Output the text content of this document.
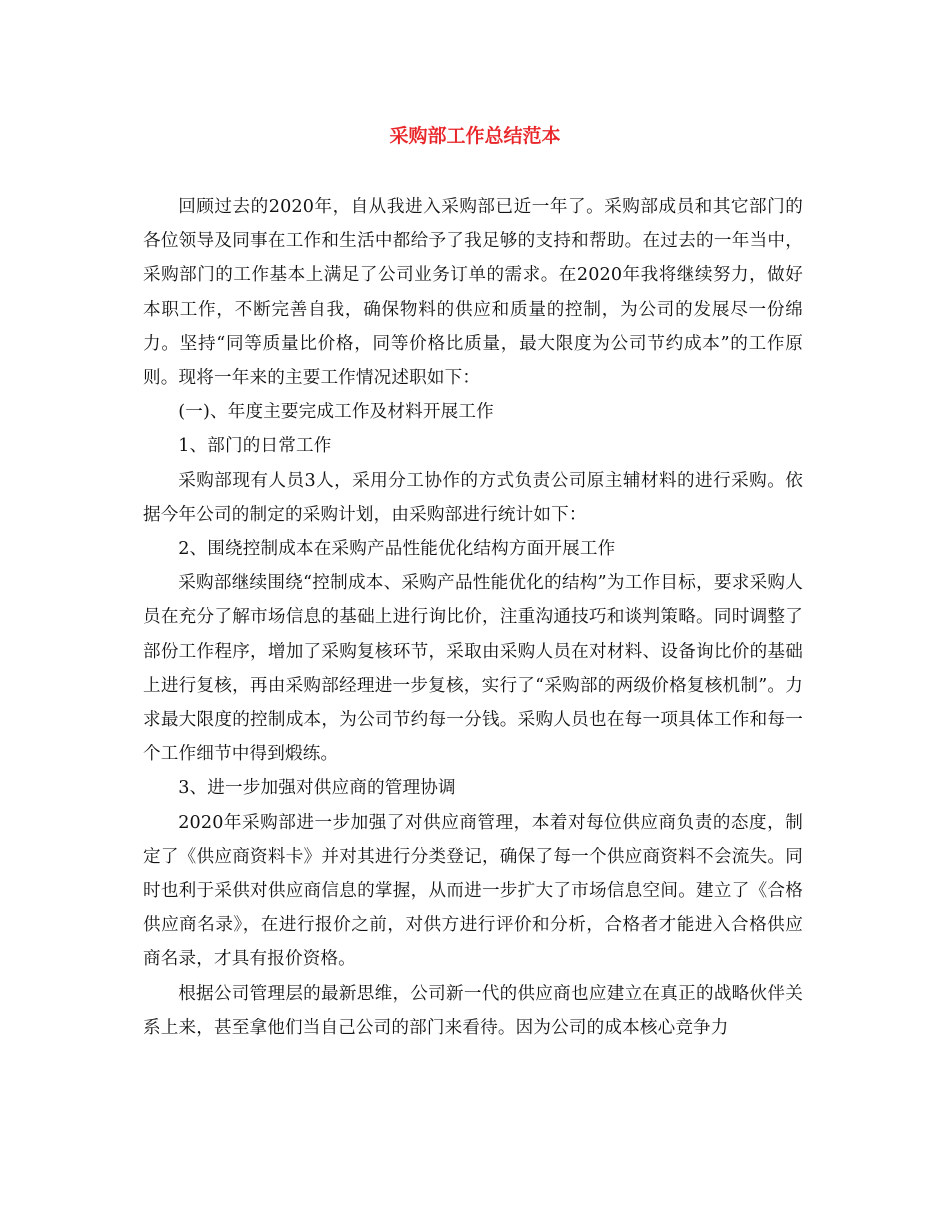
采购部工作总结范本

回顾过去的2020年，自从我进入采购部已近一年了。采购部成员和其它部门的各位领导及同事在工作和生活中都给予了我足够的支持和帮助。在过去的一年当中，采购部门的工作基本上满足了公司业务订单的需求。在2020年我将继续努力，做好本职工作，不断完善自我，确保物料的供应和质量的控制，为公司的发展尽一份绵力。坚持“同等质量比价格，同等价格比质量，最大限度为公司节约成本”的工作原则。现将一年来的主要工作情况述职如下：

(一)、年度主要完成工作及材料开展工作

1、部门的日常工作

采购部现有人员3人，采用分工协作的方式负责公司原主辅材料的进行采购。依据今年公司的制定的采购计划，由采购部进行统计如下：

2、围绕控制成本在采购产品性能优化结构方面开展工作

采购部继续围绕“控制成本、采购产品性能优化的结构”为工作目标，要求采购人员在充分了解市场信息的基础上进行询比价，注重沟通技巧和谈判策略。同时调整了部份工作程序，增加了采购复核环节，采取由采购人员在对材料、设备询比价的基础上进行复核，再由采购部经理进一步复核，实行了“采购部的两级价格复核机制”。力求最大限度的控制成本，为公司节约每一分钱。采购人员也在每一项具体工作和每一个工作细节中得到煅练。

3、进一步加强对供应商的管理协调

2020年采购部进一步加强了对供应商管理，本着对每位供应商负责的态度，制定了《供应商资料卡》并对其进行分类登记，确保了每一个供应商资料不会流失。同时也利于采供对供应商信息的掌握，从而进一步扩大了市场信息空间。建立了《合格供应商名录》，在进行报价之前，对供方进行评价和分析，合格者才能进入合格供应商名录，才具有报价资格。

根据公司管理层的最新思维，公司新一代的供应商也应建立在真正的战略伙伴关系上来，甚至拿他们当自己公司的部门来看待。因为公司的成本核心竞争力
